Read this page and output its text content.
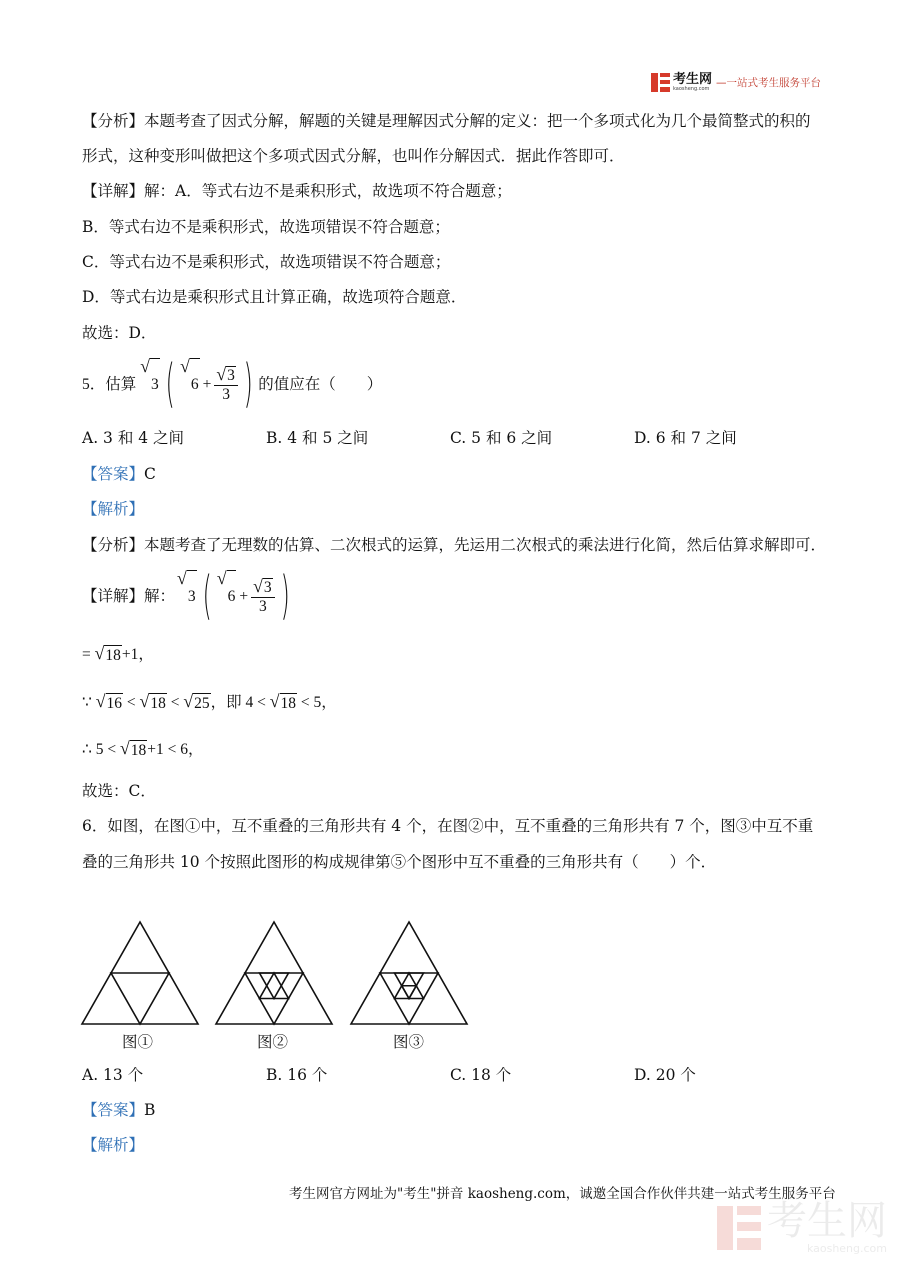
考生网
kaosheng.com —一站式考生服务平台
【分析】本题考查了因式分解，解题的关键是理解因式分解的定义：把一个多项式化为几个最简整式的积的
形式，这种变形叫做把这个多项式因式分解，也叫作分解因式．据此作答即可．
【详解】解：A．等式右边不是乘积形式，故选项不符合题意；
B．等式右边不是乘积形式，故选项错误不符合题意；
C．等式右边不是乘积形式，故选项错误不符合题意；
D．等式右边是乘积形式且计算正确，故选项符合题意．
故选：D．
5．估算
√
3 ( √
$6 + \frac{√ 3}{3}$ ) 的值应在（　　）
A. 3 和 4 之间	B. 4 和 5 之间	C. 5 和 6 之间	D. 6 和 7 之间
【答案】C
【解析】
【分析】本题考查了无理数的估算、二次根式的运算，先运用二次根式的乘法进行化简，然后估算求解即可．
【详解】 解：
√
3 ( √
$6 + \frac{√ 3}{3}$ )
= √ 18 +1，
∵ √ 16 < √ 18 < √ 25 ，即 4 < √ 18 < 5，
∴ 5 < √ 18 +1 < 6，
故选：C．
6．如图，在图①中，互不重叠的三角形共有 4 个，在图②中，互不重叠的三角形共有 7 个，图③中互不重
叠的三角形共 10 个按照此图形的构成规律第⑤个图形中互不重叠的三角形共有（　　）个．
图①	图②	图③
A. 13 个	B. 16 个	C. 18 个	D. 20 个
【答案】B
【解析】
考生网官方网址为"考生"拼音 kaosheng.com，诚邀全国合作伙伴共建一站式考生服务平台
考生网
kaosheng.com
